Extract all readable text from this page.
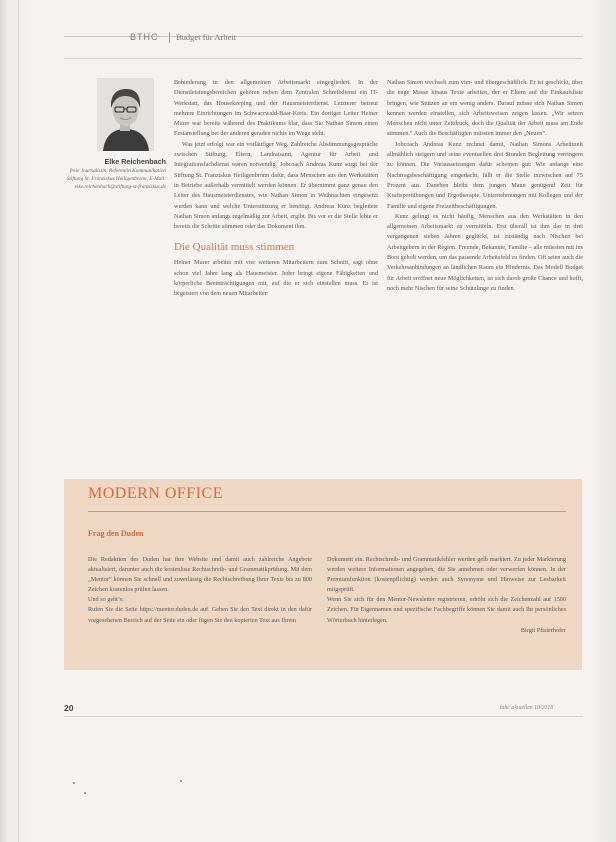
BTHC Budget für Arbeit
Elke Reichenbach
freie Journalistin, Referentin Kommunikation Stiftung St. Franziskus Heiligenbronn, E-Mail: elke.reichenbach@stiftung-st-franziskus.de

Behinderung in den allgemeinen Arbeitsmarkt eingegliedert. In der Dienstleistungsbereichen gehören neben dem Zentralen Schreibdienst ein IT-Werkstatt, das Housekeeping und der Hausmeisterdienst. Letzterer betreut mehrere Einrichtungen im Schwarzwald-Baar-Kreis. Ein dortiger Leiter Heiner Murer war bereits während des Praktikums klar, dass Sie Nathan Simon einen Festanstellung bei der anderen geraden nichts im Wege steht.

Was jetzt erfolgt war ein vorläufiger Weg. Zahlreiche Abstimmungsgespräche zwischen Stiftung, Eltern, Landratsamt, Agentur für Arbeit und Integrationsfachdienst waren notwendig. Jobcoach Andreas Kunz sorgt bei der Stiftung St. Franziskus Heiligenbronn dafür, dass Menschen aus den Werkstätten in Betriebe außerhalb vermittelt werden können. Er übernimmt ganz genau den Leiter des Hausmeisterdienstes, wie Nathan Simon in Weihnachten eingesetzt werden kann und welche Unterstützung er benötigt. Andreas Kunz begleitete Nathan Simon anfangs regelmäßig zur Arbeit, ergibt. Bis vor er die Stelle lebte er bereits die Schritte stimmen oder das Dokument ihm.

Die Qualität muss stimmen

Heiner Murer arbeitet mit vier weiteren Mitarbeitern zum Schnitt, sagt ohne schon viel Jahre lang als Hausmeister. Jeder bringt eigene Fähigkeiten und körperliche Beeinträchtigungen mit, auf die er sich einstellen muss. Er ist begeistert von dem neuen Mitarbeiter:

Nathan Simon wechselt zum vier- und übergeschäftlich. Er ist geschickt, über die enge Masse hinaus Texte arbeiten, der er Eltern auf die Einkaufsliste bringen, wie Stützen an ein wenig anders. Darauf müsse sich Nathan Simon kennen werden einstellen, sich Arbeitsweisen zeigen lassen. „Wir setzen Menschen nicht unter Zeitdruck, doch die Qualität der Arbeit muss am Ende stimmen.“ Auch die Beschäftigten müssten immer den „Neuen“.

Jobcoach Andreas Kunz rechnet damit, Nathan Simons Arbeitszeit allmählich steigern und seine eventuellen drei Stunden Begleitung verringern zu können. Die Voraussetzungen dafür scheinen gut: Wie anfangs eine Nachtragsbeschäftigung eingedacht, fällt er die Stelle inzwischen auf 75 Prozent aus. Daneben bleibt dem jungen Mann genügend Zeit für Kraftsportübungen und Ergotherapie. Unternehmungen mit Kollegen und der Familie und eigene Freizeitbeschäftigungen.

Kunz gelingt es nicht häufig, Menschen aus den Werkstätten in den allgemeinen Arbeitsmarkt zu vermitteln. Erst überall ist ihm das in drei vergangenen sieben Jahren geglückt, ist zuständig nach Nischen bei Arbeitgebern in der Region. Freunde, Bekannte, Familie – alle müssten mit ins Boot geholt werden, um das passende Arbeitsfeld zu finden. Oft seien auch die Verkehrsanbindungen an ländlichen Raum ein Hindernis. Das Modell Budget für Arbeit eröffnet neue Möglichkeiten, ist sich darob große Chance und hofft, noch mehr Nischen für seine Schützlinge zu finden.

MODERN OFFICE
Frag den Duden

Die Redaktion des Duden hat ihre Website und damit auch zahlreiche Angebote aktualisiert, darunter auch die kostenlose Rechtschreib- und Grammatikprüfung. Mit dem „Mentor“ können Sie schnell und zuverlässig die Rechtschreibung Ihrer Texte bis zu 800 Zeichen kostenlos prüfen lassen.

Und so geht’s:

Rufen Sie die Seite https://mentor.duden.de auf. Geben Sie den Text direkt in den dafür vorgesehenen Bereich auf der Seite ein oder fügen Sie den kopierten Text aus Ihrem

Dokument ein. Rechtschreib- und Grammatikfehler werden gelb markiert. Zu jeder Markierung werden weitere Informationen angegeben, die Sie annehmen oder verwerfen können. In der Premiumfunktion (kostenpflichtig) werden auch Synonyme und Hinweise zur Lesbarkeit mitgeprüft.

Wenn Sie sich für den Mentor-Newsletter registrieren, erhöht sich die Zeichenzahl auf 1500 Zeichen. Für Eigennamen und spezifische Fachbegriffe können Sie damit auch Ihr persönliches Wörterbuch hinterlegen.

Birgit Pfisterhofer

20	bthc aktuellen 10/2018
